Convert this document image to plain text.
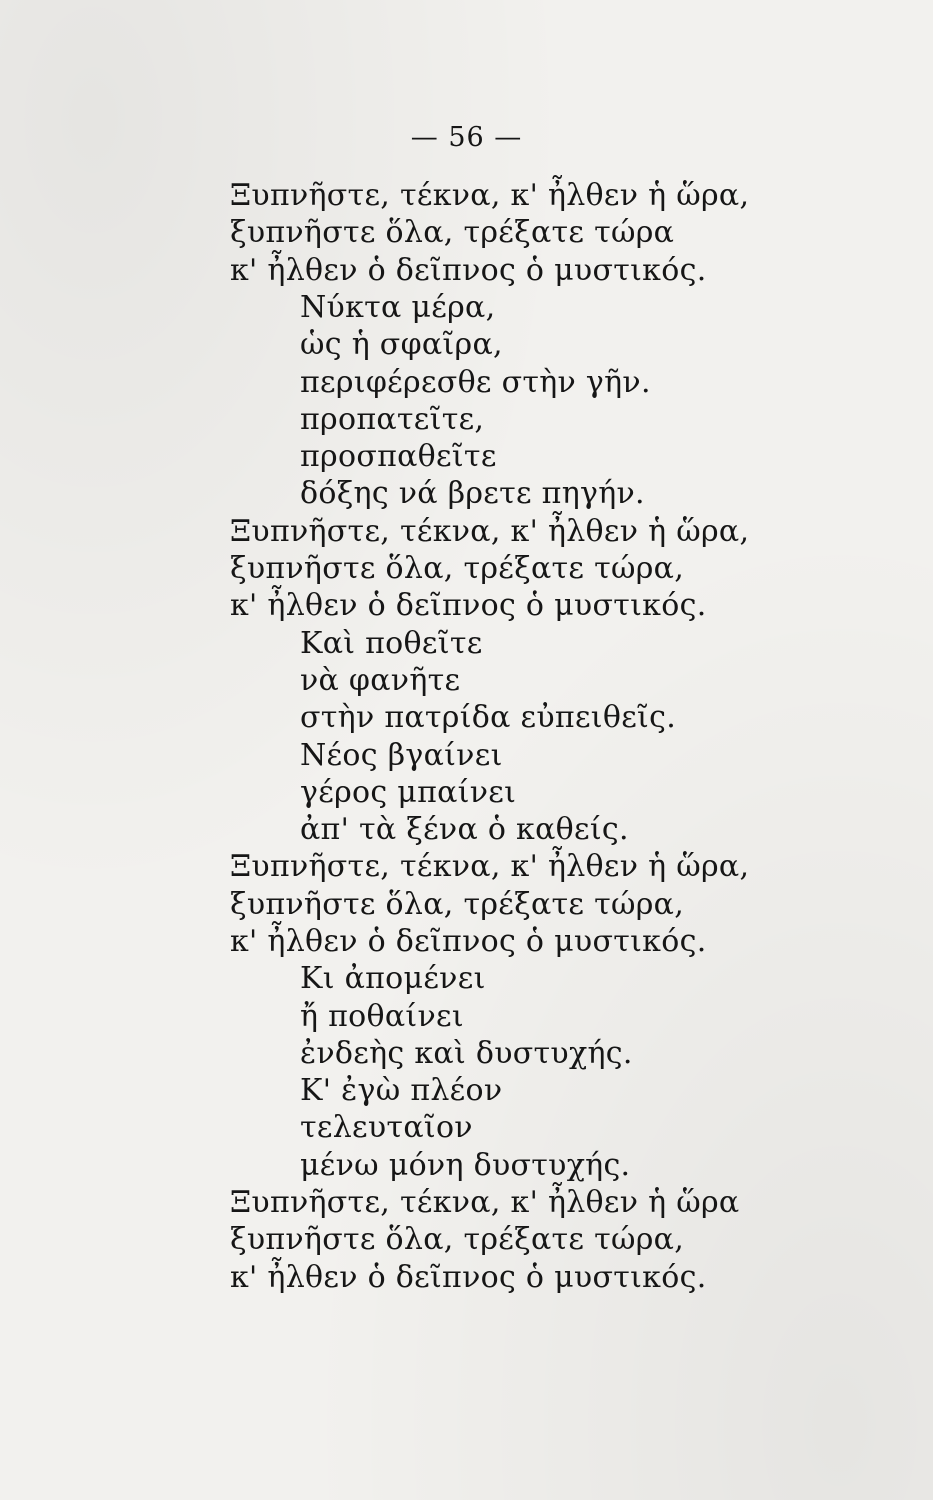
— 56 —
Ξυπνῆστε, τέκνα, κ' ἦλθεν ἡ ὥρα,
ξυπνῆστε ὅλα, τρέξατε τώρα
κ' ἦλθεν ὁ δεῖπνος ὁ μυστικός.
Νύκτα μέρα,
ὡς ἡ σφαῖρα,
περιφέρεσθε στὴν γῆν.
προπατεῖτε,
προσπαθεῖτε
δόξης νά βρετε πηγήν.
Ξυπνῆστε, τέκνα, κ' ἦλθεν ἡ ὥρα,
ξυπνῆστε ὅλα, τρέξατε τώρα,
κ' ἦλθεν ὁ δεῖπνος ὁ μυστικός.
Καὶ ποθεῖτε
νὰ φανῆτε
στὴν πατρίδα εὐπειθεῖς.
Νέος βγαίνει
γέρος μπαίνει
ἀπ' τὰ ξένα ὁ καθείς.
Ξυπνῆστε, τέκνα, κ' ἦλθεν ἡ ὥρα,
ξυπνῆστε ὅλα, τρέξατε τώρα,
κ' ἦλθεν ὁ δεῖπνος ὁ μυστικός.
Κι ἀπομένει
ἤ ποθαίνει
ἐνδεὴς καὶ δυστυχής.
Κ' ἐγὼ πλέον
τελευταῖον
μένω μόνη δυστυχής.
Ξυπνῆστε, τέκνα, κ' ἦλθεν ἡ ὥρα
ξυπνῆστε ὅλα, τρέξατε τώρα,
κ' ἦλθεν ὁ δεῖπνος ὁ μυστικός.
